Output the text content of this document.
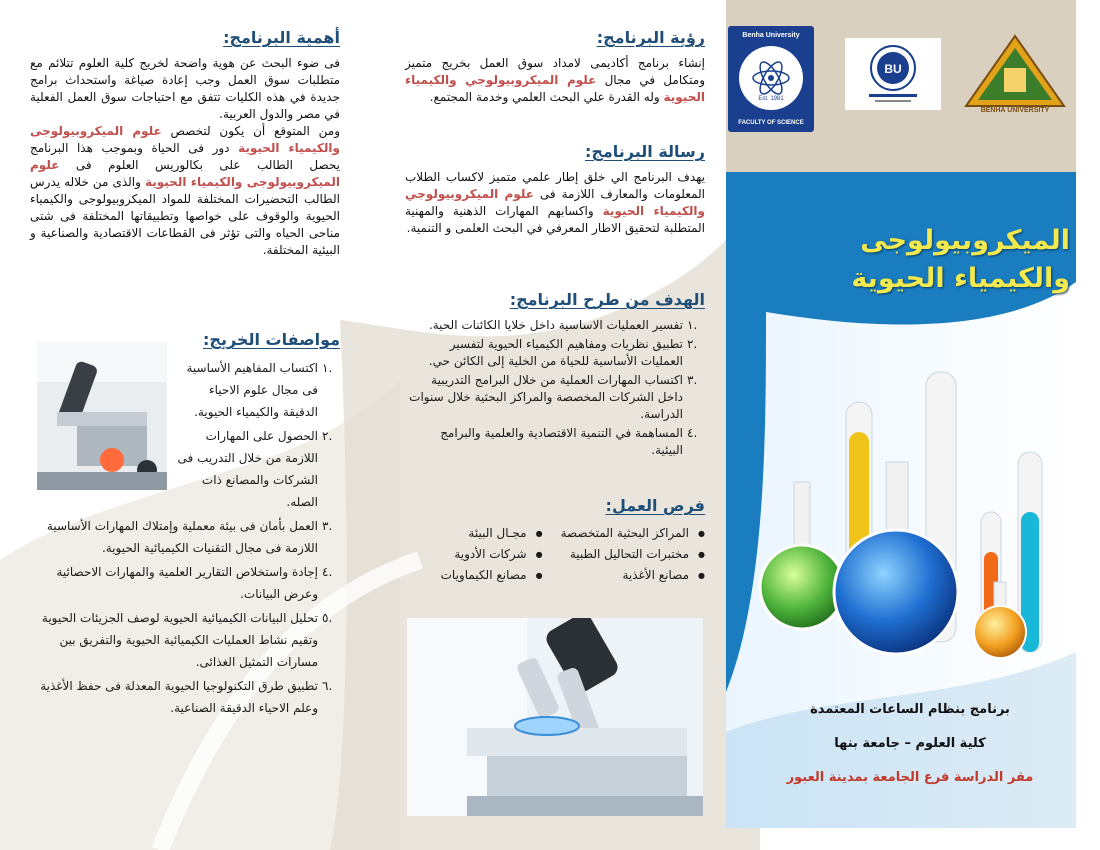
Benha University
Est. 1981
FACULTY OF SCIENCE
BU
BENHA UNIVERSITY
الميكروبيولوجى والكيمياء الحيوية
برنامج بنظام الساعات المعتمدة
كلية العلوم – جامعة بنها
مقر الدراسة فرع الجامعة بمدينة العبور
رؤية البرنامج:

إنشاء برنامج أكاديمى لامداد سوق العمل بخريج متميز ومتكامل في مجال علوم الميكروبيولوجي والكيمياء الحيوية وله القدرة علي البحث العلمي وخدمة المجتمع.

رسالة البرنامج:

يهدف البرنامج الي خلق إطار علمي متميز لاكساب الطلاب المعلومات والمعارف اللازمة فى علوم الميكروبيولوجي والكيمياء الحيوية واكسابهم المهارات الذهنية والمهنية المتطلبة لتحقيق الاطار المعرفي في البحث العلمى و التنمية.

الهدف من طرح البرنامج:
.١
تفسير العمليات الاساسية داخل خلايا الكائنات الحية.
.٢
تطبيق نظريات ومفاهيم الكيمياء الحيوية لتفسير العمليات الأساسية للحياة من الخلية إلى الكائن حي.
.٣
اكتساب المهارات العملية من خلال البرامج التدريبية داخل الشركات المخصصة والمراكز البحثية خلال سنوات الدراسة.
.٤
المساهمة في التنمية الاقتصادية والعلمية والبرامج البيئية.
فرص العمل:
● المراكز البحثية المتخصصة
● مختبرات التحاليل الطبية
● مصانع الأغذية
● مجـال البيئة
● شركات الأدوية
● مصانع الكيماويات
أهمية البرنامج:

فى ضوء البحث عن هوية واضحة لخريج كلية العلوم تتلائم مع متطلبات سوق العمل وجب إعادة صياغة واستحداث برامج جديدة في هذه الكليات تتفق مع احتياجات سوق العمل الفعلية في مصر والدول العربية.

ومن المتوقع أن يكون لتخصص علوم الميكروبيولوجى والكيمياء الحيوية دور فى الحياة وبموجب هذا البرنامج يحصل الطالب على بكالوريس العلوم فى علوم الميكروبيولوجى والكيمياء الحيوية والذى من خلاله يدرس الطالب التحضيرات المختلفة للمواد الميكروبيولوجى والكيمياء الحيوية والوقوف على خواصها وتطبيقاتها المختلفة فى شتى مناحى الحياه والتى تؤثر فى القطاعات الاقتصادية والصناعية و البيئية المختلفة.

مواصفات الخريج:
.١
اكتساب المفاهيم الأساسية فى مجال علوم الاحياء الدقيقة والكيمياء الحيوية.
.٢
الحصول على المهارات اللازمة من خلال التدريب فى الشركات والمصانع ذات الصله.
.٣
العمل بأمان فى بيئة معملية وإمتلاك المهارات الأساسية اللازمة فى مجال التقنيات الكيميائية الحيوية.
.٤
إجادة واستخلاص التقارير العلمية والمهارات الاحصائية وعرض البيانات.
.٥
تحليل البيانات الكيميائية الحيوية لوصف الجزيئات الحيوية وتقيم نشاط العمليات الكيميائية الحيوية والتفريق بين مسارات التمثيل الغذائى.
.٦
تطبيق طرق التكنولوجيا الحيوية المعدلة فى حفظ الأغذية وعلم الاحياء الدقيقة الصناعية.
